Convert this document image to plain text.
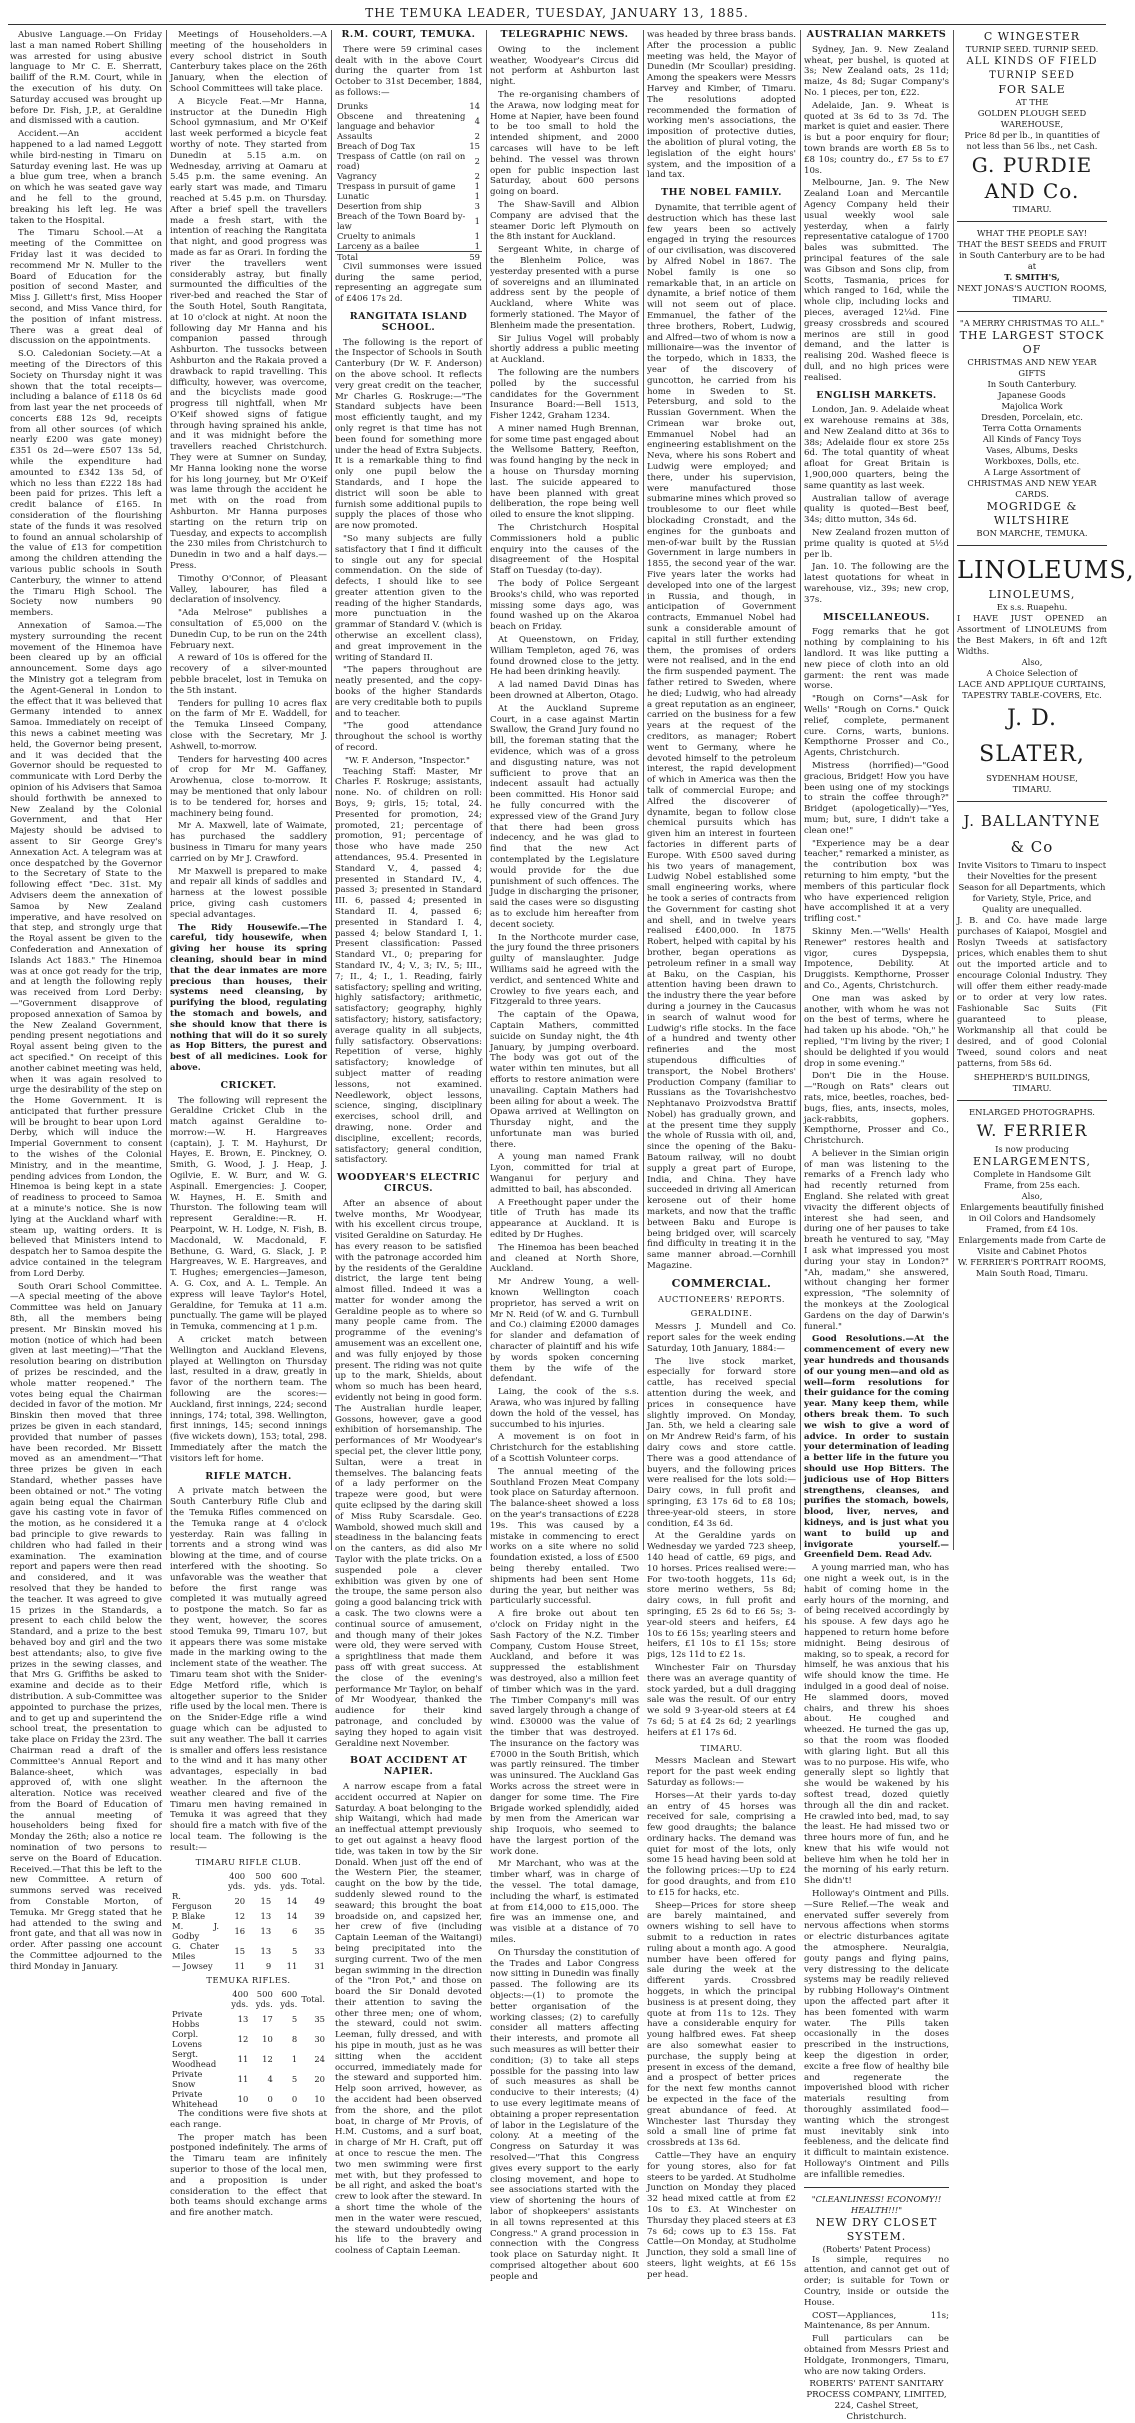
THE TEMUKA LEADER, TUESDAY, JANUARY 13, 1885.

Abusive Language.—On Friday last a man named Robert Shilling was arrested for using abusive language to Mr C. E. Sherratt, bailiff of the R.M. Court, while in the execution of his duty. On Saturday accused was brought up before Dr. Fish, J.P., at Geraldine and dismissed with a caution.

Accident.—An accident happened to a lad named Leggott while bird-nesting in Timaru on Saturday evening last. He was up a blue gum tree, when a branch on which he was seated gave way and he fell to the ground, breaking his left leg. He was taken to the Hospital.

The Timaru School.—At a meeting of the Committee on Friday last it was decided to recommend Mr N. Muller to the Board of Education for the position of second Master, and Miss J. Gillett's first, Miss Hooper second, and Miss Vance third, for the position of infant mistress. There was a great deal of discussion on the appointments.

S.O. Caledonian Society.—At a meeting of the Directors of this Society on Thursday night it was shown that the total receipts—including a balance of £118 0s 6d from last year the net proceeds of concerts £88 12s 9d, receipts from all other sources (of which nearly £200 was gate money) £351 0s 2d—were £507 13s 5d, while the expenditure had amounted to £342 13s 5d, of which no less than £222 18s had been paid for prizes. This left a credit balance of £165. In consideration of the flourishing state of the funds it was resolved to found an annual scholarship of the value of £13 for competition among the children attending the various public schools in South Canterbury, the winner to attend the Timaru High School. The Society now numbers 90 members.

Annexation of Samoa.—The mystery surrounding the recent movement of the Hinemoa have been cleared up by an official announcement. Some days ago the Ministry got a telegram from the Agent-General in London to the effect that it was believed that Germany intended to annex Samoa. Immediately on receipt of this news a cabinet meeting was held, the Governor being present, and it was decided that the Governor should be requested to communicate with Lord Derby the opinion of his Advisers that Samoa should forthwith be annexed to New Zealand by the Colonial Government, and that Her Majesty should be advised to assent to Sir George Grey's Annexation Act. A telegram was at once despatched by the Governor to the Secretary of State to the following effect "Dec. 31st. My Advisers deem the annexation of Samoa by New Zealand imperative, and have resolved on that step, and strongly urge that the Royal assent be given to the Confederation and Annexation of Islands Act 1883." The Hinemoa was at once got ready for the trip, and at length the following reply was received from Lord Derby:—"Government disapprove of proposed annexation of Samoa by the New Zealand Government, pending present negotiations and Royal assent being given to the act specified." On receipt of this another cabinet meeting was held, when it was again resolved to urge the desirability of the step on the Home Government. It is anticipated that further pressure will be brought to bear upon Lord Derby, which will induce the Imperial Government to consent to the wishes of the Colonial Ministry, and in the meantime, pending advices from London, the Hinemoa is being kept in a state of readiness to proceed to Samoa at a minute's notice. She is now lying at the Auckland wharf with steam up, waiting orders. It is believed that Ministers intend to despatch her to Samoa despite the advice contained in the telegram from Lord Derby.

South Orari School Committee.—A special meeting of the above Committee was held on January 8th, all the members being present. Mr Binskin moved his motion (notice of which had been given at last meeting)—"That the resolution bearing on distribution of prizes be rescinded, and the whole matter reopened." The votes being equal the Chairman decided in favor of the motion. Mr Binskin then moved that three prizes be given in each standard, provided that number of passes have been recorded. Mr Bissett moved as an amendment—"That three prizes be given in each Standard, whether passes have been obtained or not." The voting again being equal the Chairman gave his casting vote in favor of the motion, as he considered it a bad principle to give rewards to children who had failed in their examination. The examination report and papers were then read and considered, and it was resolved that they be handed to the teacher. It was agreed to give 15 prizes in the Standards, a present to each child below the Standard, and a prize to the best behaved boy and girl and the two best attendants; also, to give five prizes in the sewing classes, and that Mrs G. Griffiths be asked to examine and decide as to their distribution. A sub-Committee was appointed to purchase the prizes, and to get up and superintend the school treat, the presentation to take place on Friday the 23rd. The Chairman read a draft of the Committee's Annual Report and Balance-sheet, which was approved of, with one slight alteration. Notice was received from the Board of Education of the annual meeting of householders being fixed for Monday the 26th; also a notice re nomination of two persons to serve on the Board of Education. Received.—That this be left to the new Committee. A return of summons served was received from Constable Morton, of Temuka. Mr Gregg stated that he had attended to the swing and front gate, and that all was now in order. After passing one account the Committee adjourned to the third Monday in January.

Meetings of Householders.—A meeting of the householders in every school district in South Canterbury takes place on the 26th January, when the election of School Committees will take place.

A Bicycle Feat.—Mr Hanna, instructor at the Dunedin High School gymnasium, and Mr O'Keif last week performed a bicycle feat worthy of note. They started from Dunedin at 5.15 a.m. on Wednesday, arriving at Oamaru at 5.45 p.m. the same evening. An early start was made, and Timaru reached at 5.45 p.m. on Thursday. After a brief spell the travellers made a fresh start, with the intention of reaching the Rangitata that night, and good progress was made as far as Orari. In fording the river the travellers went considerably astray, but finally surmounted the difficulties of the river-bed and reached the Star of the South Hotel, South Rangitata, at 10 o'clock at night. At noon the following day Mr Hanna and his companion passed through Ashburton. The tussocks between Ashburton and the Rakaia proved a drawback to rapid travelling. This difficulty, however, was overcome, and the bicyclists made good progress till nightfall, when Mr O'Keif showed signs of fatigue through having sprained his ankle, and it was midnight before the travellers reached Christchurch. They were at Sumner on Sunday, Mr Hanna looking none the worse for his long journey, but Mr O'Keif was lame through the accident he met with on the road from Ashburton. Mr Hanna purposes starting on the return trip on Tuesday, and expects to accomplish the 230 miles from Christchurch to Dunedin in two and a half days.—Press.

Timothy O'Connor, of Pleasant Valley, labourer, has filed a declaration of insolvency.

"Ada Melrose" publishes a consultation of £5,000 on the Dunedin Cup, to be run on the 24th February next.

A reward of 10s is offered for the recovery of a silver-mounted pebble bracelet, lost in Temuka on the 5th instant.

Tenders for pulling 10 acres flax on the farm of Mr E. Waddell, for the Temuka Linseed Company, close with the Secretary, Mr J. Ashwell, to-morrow.

Tenders for harvesting 400 acres of crop for Mr M. Gaffaney, Arowhenua, close to-morrow. It may be mentioned that only labour is to be tendered for, horses and machinery being found.

Mr A. Maxwell, late of Waimate, has purchased the saddlery business in Timaru for many years carried on by Mr J. Crawford.

Mr Maxwell is prepared to make and repair all kinds of saddles and harness at the lowest possible price, giving cash customers special advantages.

The Ridy Housewife.—The careful, tidy housewife, when giving her house its spring cleaning, should bear in mind that the dear inmates are more precious than houses, their systems need cleansing, by purifying the blood, regulating the stomach and bowels, and she should know that there is nothing that will do it so surely as Hop Bitters, the purest and best of all medicines. Look for above.

CRICKET.

The following will represent the Geraldine Cricket Club in the match against Geraldine to-morrow:—W. H. Hargreaves (captain), J. T. M. Hayhurst, Dr Hayes, E. Brown, E. Pinckney, O. Smith, G. Wood, J. J. Heap, J. Ogilvie, E. W. Burr, and W. G. Aspinall. Emergencies: J. Cooper, W. Haynes, H. E. Smith and Thurston. The following team will represent Geraldine:—R. H. Pearpoint, W. H. Lodge, N. Fish, B. Macdonald, W. Macdonald, F. Bethune, G. Ward, G. Slack, J. P. Hargreaves, W. E. Hargreaves, and T. Hughes; emergencies—Jameson, A. G. Cox, and A. L. Temple. An express will leave Taylor's Hotel, Geraldine, for Temuka at 11 a.m. punctually. The game will be played in Temuka, commencing at 1 p.m.

A cricket match between Wellington and Auckland Elevens, played at Wellington on Thursday last, resulted in a draw, greatly in favor of the northern team. The following are the scores:—Auckland, first innings, 224; second innings, 174; total, 398. Wellington, first innings, 145; second innings (five wickets down), 153; total, 298. Immediately after the match the visitors left for home.

RIFLE MATCH.

A private match between the South Canterbury Rifle Club and the Temuka Rifles commenced on the Temuka range at 4 o'clock yesterday. Rain was falling in torrents and a strong wind was blowing at the time, and of course interfered with the shooting. So unfavorable was the weather that before the first range was completed it was mutually agreed to postpone the match. So far as they went, however, the scores stood Temuka 99, Timaru 107, but it appears there was some mistake made in the marking owing to the inclement state of the weather. The Timaru team shot with the Snider-Edge Metford rifle, which is altogether superior to the Snider rifle used by the local men. There is on the Snider-Edge rifle a wind guage which can be adjusted to suit any weather. The ball it carries is smaller and offers less resistance to the wind and it has many other advantages, especially in bad weather. In the afternoon the weather cleared and five of the Timaru men having remained in Temuka it was agreed that they should fire a match with five of the local team. The following is the result:—

TIMARU RIFLE CLUB.
	400 yds.	500 yds.	600 yds.	Total.
R. Ferguson	20	15	14	49
P. Blake	12	13	14	39
M. J. Godby	16	13	6	35
G. Chater Miles	15	13	5	33
— Jowsey	11	9	11	31
TEMUKA RIFLES.
	400 yds.	500 yds.	600 yds.	Total.
Private Hobbs	13	17	5	35
Corpl. Lovens	12	10	8	30
Sergt. Woodhead	11	12	1	24
Private Snow	11	4	5	20
Private Whitehead	10	0	0	10

The conditions were five shots at each range.

The proper match has been postponed indefinitely. The arms of the Timaru team are infinitely superior to those of the local men, and a proposition is under consideration to the effect that both teams should exchange arms and fire another match.

R.M. COURT, TEMUKA.

There were 59 criminal cases dealt with in the above Court during the quarter from 1st October to 31st December, 1884, as follows:—

Drunks	14
Obscene and threatening language and behavior	4
Assaults	2
Breach of Dog Tax	15
Trespass of Cattle (on rail on road)	2
Vagrancy	2
Trespass in pursuit of game	1
Lunatic	1
Desertion from ship	3
Breach of the Town Board by-law	1
Cruelty to animals	1
Larceny as a bailee	1
Total	59

Civil summonses were issued during the same period, representing an aggregate sum of £406 17s 2d.

RANGITATA ISLAND SCHOOL.

The following is the report of the Inspector of Schools in South Canterbury (Dr W. F. Anderson) on the above school. It reflects very great credit on the teacher, Mr Charles G. Roskruge:—"The Standard subjects have been most efficiently taught, and my only regret is that time has not been found for something more under the head of Extra Subjects. It is a remarkable thing to find only one pupil below the Standards, and I hope the district will soon be able to furnish some additional pupils to supply the places of those who are now promoted.

"So many subjects are fully satisfactory that I find it difficult to single out any for special commendation. On the side of defects, I should like to see greater attention given to the reading of the higher Standards, more punctuation in the grammar of Standard V. (which is otherwise an excellent class), and great improvement in the writing of Standard II.

"The papers throughout are neatly presented, and the copy-books of the higher Standards are very creditable both to pupils and to teacher.

"The good attendance throughout the school is worthy of record.

"W. F. Anderson, "Inspector."

Teaching Staff: Master, Mr Charles F. Roskruge; assistants, none. No. of children on roll: Boys, 9; girls, 15; total, 24. Presented for promotion, 24; promoted, 21; percentage of promotion, 91; percentage of those who have made 250 attendances, 95.4. Presented in Standard V., 4, passed 4; presented in Standard IV., 4, passed 3; presented in Standard III. 6, passed 4; presented in Standard II. 4, passed 6; presented in Standard I. 4, passed 4; below Standard I, 1. Present classification: Passed Standard VI., 0; preparing for Standard IV., 4; V., 3; IV., 5; III., 7; II., 4; I., 1. Reading, fairly satisfactory; spelling and writing, highly satisfactory; arithmetic, satisfactory; geography, highly satisfactory; history, satisfactory; average quality in all subjects, fully satisfactory. Observations: Repetition of verse, highly satisfactory; knowledge of subject matter of reading lessons, not examined. Needlework, object lessons, science, singing, disciplinary exercises, school drill, and drawing, none. Order and discipline, excellent; records, satisfactory; general condition, satisfactory.

WOODYEAR'S ELECTRIC CIRCUS.

After an absence of about twelve months, Mr Woodyear, with his excellent circus troupe, visited Geraldine on Saturday. He has every reason to be satisfied with the patronage accorded him by the residents of the Geraldine district, the large tent being almost filled. Indeed it was a matter for wonder among the Geraldine people as to where so many people came from. The programme of the evening's amusement was an excellent one, and was fully enjoyed by those present. The riding was not quite up to the mark, Shields, about whom so much has been heard, evidently not being in good form. The Australian hurdle leaper, Gossons, however, gave a good exhibition of horsemanship. The performances of Mr Woodyear's special pet, the clever little pony, Sultan, were a treat in themselves. The balancing feats of a lady performer on the trapeze were good, but were quite eclipsed by the daring skill of Miss Ruby Scarsdale. Geo. Wambold, showed much skill and steadiness in the balancing feats on the canters, as did also Mr Taylor with the plate tricks. On a suspended pole a clever exhibition was given by one of the troupe, the same person also going a good balancing trick with a cask. The two clowns were a continual source of amusement, and though many of their jokes were old, they were served with a sprightliness that made them pass off with great success. At the close of the evening's performance Mr Taylor, on behalf of Mr Woodyear, thanked the audience for their kind patronage, and concluded by saying they hoped to again visit Geraldine next November.

BOAT ACCIDENT AT NAPIER.

A narrow escape from a fatal accident occurred at Napier on Saturday. A boat belonging to the ship Waitangi, which had made an ineffectual attempt previously to get out against a heavy flood tide, was taken in tow by the Sir Donald. When just off the end of the Western Pier, the steamer, caught on the bow by the tide, suddenly slewed round to the seaward; this brought the boat broadside on, and capsized her, her crew of five (including Captain Leeman of the Waitangi) being precipitated into the surging current. Two of the men began swimming in the direction of the "Iron Pot," and those on board the Sir Donald devoted their attention to saving the other three men; one of whom, the steward, could not swim. Leeman, fully dressed, and with his pipe in mouth, just as he was sitting when the accident occurred, immediately made for the steward and supported him. Help soon arrived, however, as the accident had been observed from the shore, and the pilot boat, in charge of Mr Provis, of H.M. Customs, and a surf boat, in charge of Mr H. Craft, put off at once to rescue the men. The two men swimming were first met with, but they professed to be all right, and asked the boat's crew to look after the steward. In a short time the whole of the men in the water were rescued, the steward undoubtedly owing his life to the bravery and coolness of Captain Leeman.

TELEGRAPHIC NEWS.

Owing to the inclement weather, Woodyear's Circus did not perform at Ashburton last night.

The re-organising chambers of the Arawa, now lodging meat for Home at Napier, have been found to be too small to hold the intended shipment, and 2000 carcases will have to be left behind. The vessel was thrown open for public inspection last Saturday, about 600 persons going on board.

The Shaw-Savill and Albion Company are advised that the steamer Doric left Plymouth on the 8th instant for Auckland.

Sergeant White, in charge of the Blenheim Police, was yesterday presented with a purse of sovereigns and an illuminated address sent by the people of Auckland, where White was formerly stationed. The Mayor of Blenheim made the presentation.

Sir Julius Vogel will probably shortly address a public meeting at Auckland.

The following are the numbers polled by the successful candidates for the Government Insurance Board:—Bell 1513, Fisher 1242, Graham 1234.

A miner named Hugh Brennan, for some time past engaged about the Wellsome Battery, Reefton, was found hanging by the neck in a house on Thursday morning last. The suicide appeared to have been planned with great deliberation, the rope being well oiled to ensure the knot slipping.

The Christchurch Hospital Commissioners hold a public enquiry into the causes of the disagreement of the Hospital Staff on Tuesday (to-day).

The body of Police Sergeant Brooks's child, who was reported missing some days ago, was found washed up on the Akaroa beach on Friday.

At Queenstown, on Friday, William Templeton, aged 76, was found drowned close to the jetty. He had been drinking heavily.

A lad named David Dinas has been drowned at Alberton, Otago.

At the Auckland Supreme Court, in a case against Martin Swallow, the Grand Jury found no bill, the foreman stating that the evidence, which was of a gross and disgusting nature, was not sufficient to prove that an indecent assault had actually been committed. His Honor said he fully concurred with the expressed view of the Grand Jury that there had been gross indecency, and he was glad to find that the new Act contemplated by the Legislature would provide for the due punishment of such offences. The Judge in discharging the prisoner, said the cases were so disgusting as to exclude him hereafter from decent society.

In the Northcote murder case, the jury found the three prisoners guilty of manslaughter. Judge Williams said he agreed with the verdict, and sentenced White and Crowley to five years each, and Fitzgerald to three years.

The captain of the Opawa, Captain Mathers, committed suicide on Sunday night, the 4th January, by jumping overboard. The body was got out of the water within ten minutes, but all efforts to restore animation were unavailing. Captain Mathers had been ailing for about a week. The Opawa arrived at Wellington on Thursday night, and the unfortunate man was buried there.

A young man named Frank Lyon, committed for trial at Wanganui for perjury and admitted to bail, has absconded.

A Freethought paper under the title of Truth has made its appearance at Auckland. It is edited by Dr Hughes.

The Hinemoa has been beached and cleaned at North Shore, Auckland.

Mr Andrew Young, a well-known Wellington coach proprietor, has served a writ on Mr N. Reid (of W. and G. Turnbull and Co.) claiming £2000 damages for slander and defamation of character of plaintiff and his wife by words spoken concerning them by the wife of the defendant.

Laing, the cook of the s.s. Arawa, who was injured by falling down the hold of the vessel, has succumbed to his injuries.

A movement is on foot in Christchurch for the establishing of a Scottish Volunteer corps.

The annual meeting of the Southland Frozen Meat Company took place on Saturday afternoon. The balance-sheet showed a loss on the year's transactions of £228 19s. This was caused by a mistake in commencing to erect works on a site where no solid foundation existed, a loss of £500 being thereby entailed. Two shipments had been sent Home during the year, but neither was particularly successful.

A fire broke out about ten o'clock on Friday night in the Sash Factory of the N.Z. Timber Company, Custom House Street, Auckland, and before it was suppressed the establishment was destroyed, also a million feet of timber which was in the yard. The Timber Company's mill was saved largely through a change of wind. £30000 was the value of the timber that was destroyed. The insurance on the factory was £7000 in the South British, which was partly reinsured. The timber was uninsured. The Auckland Gas Works across the street were in danger for some time. The Fire Brigade worked splendidly, aided by men from the American war ship Iroquois, who seemed to have the largest portion of the work done.

Mr Marchant, who was at the timber wharf, was in charge of the vessel. The total damage, including the wharf, is estimated at from £14,000 to £15,000. The fire was an immense one, and was visible at a distance of 70 miles.

On Thursday the constitution of the Trades and Labor Congress now sitting in Dunedin was finally passed. The following are its objects:—(1) to promote the better organisation of the working classes; (2) to carefully consider all matters affecting their interests, and promote all such measures as will better their condition; (3) to take all steps possible for the passing into law of such measures as shall be conducive to their interests; (4) to use every legitimate means of obtaining a proper representation of labor in the Legislature of the colony. At a meeting of the Congress on Saturday it was resolved—"That this Congress gives every support to the early closing movement, and hope to see associations started with the view of shortening the hours of labor of shopkeepers' assistants in all towns represented at this Congress." A grand procession in connection with the Congress took place on Saturday night. It comprised altogether about 600 people and

was headed by three brass bands. After the procession a public meeting was held, the Mayor of Dunedin (Mr Scoullar) presiding. Among the speakers were Messrs Harvey and Kimber, of Timaru. The resolutions adopted recommended the formation of working men's associations, the imposition of protective duties, the abolition of plural voting, the legislation of the eight hours' system, and the imposition of a land tax.

THE NOBEL FAMILY.

Dynamite, that terrible agent of destruction which has these last few years been so actively engaged in trying the resources of our civilisation, was discovered by Alfred Nobel in 1867. The Nobel family is one so remarkable that, in an article on dynamite, a brief notice of them will not seem out of place. Emmanuel, the father of the three brothers, Robert, Ludwig, and Alfred—two of whom is now a millionaire—was the inventor of the torpedo, which in 1833, the year of the discovery of guncotton, he carried from his home in Sweden to St. Petersburg, and sold to the Russian Government. When the Crimean war broke out, Emmanuel Nobel had an engineering establishment on the Neva, where his sons Robert and Ludwig were employed; and there, under his supervision, were manufactured those submarine mines which proved so troublesome to our fleet while blockading Cronstadt, and the engines for the gunboats and men-of-war built by the Russian Government in large numbers in 1855, the second year of the war. Five years later the works had developed into one of the largest in Russia, and though, in anticipation of Government contracts, Emmanuel Nobel had sunk a considerable amount of capital in still further extending them, the promises of orders were not realised, and in the end the firm suspended payment. The father retired to Sweden, where he died; Ludwig, who had already a great reputation as an engineer, carried on the business for a few years at the request of the creditors, as manager; Robert went to Germany, where he devoted himself to the petroleum interest, the rapid development of which in America was then the talk of commercial Europe; and Alfred the discoverer of dynamite, began to follow close chemical pursuits which has given him an interest in fourteen factories in different parts of Europe. With £500 saved during his two years of management, Ludwig Nobel established some small engineering works, where he took a series of contracts from the Government for casting shot and shell, and in twelve years realised £400,000. In 1875 Robert, helped with capital by his brother, began operations as petroleum refiner in a small way at Baku, on the Caspian, his attention having been drawn to the industry there the year before during a journey in the Caucasus in search of walnut wood for Ludwig's rifle stocks. In the face of a hundred and twenty other refineries and the most stupendous difficulties of transport, the Nobel Brothers' Production Company (familiar to Russians as the Tovarishchestvo Nephtanavo Proizvodstva Brattif Nobel) has gradually grown, and at the present time they supply the whole of Russia with oil, and, since the opening of the Baku-Batoum railway, will no doubt supply a great part of Europe, India, and China. They have succeeded in driving all American kerosene out of their home markets, and now that the traffic between Baku and Europe is being bridged over, will scarcely find difficulty in treating it in the same manner abroad.—Cornhill Magazine.

COMMERCIAL.
AUCTIONEERS' REPORTS.
GERALDINE.

Messrs J. Mundell and Co. report sales for the week ending Saturday, 10th January, 1884:—

The live stock market, especially for forward store cattle, has received special attention during the week, and prices in consequence have slightly improved. On Monday, Jan. 5th, we held a clearing sale on Mr Andrew Reid's farm, of his dairy cows and store cattle. There was a good attendance of buyers, and the following prices were realised for the lots sold:—Dairy cows, in full profit and springing, £3 17s 6d to £8 10s; three-year-old steers, in store condition, £4 3s 6d.

At the Geraldine yards on Wednesday we yarded 723 sheep, 140 head of cattle, 69 pigs, and 10 horses. Prices realised were:—For two-tooth hoggets, 11s 6d; store merino wethers, 5s 8d; dairy cows, in full profit and springing, £5 2s 6d to £6 5s; 3-year-old steers and heifers, £4 10s to £6 15s; yearling steers and heifers, £1 10s to £1 15s; store pigs, 12s 11d to £2 1s.

Winchester Fair on Thursday there was an average quantity of stock yarded, but a dull dragging sale was the result. Of our entry we sold 9 3-year-old steers at £4 7s 6d; 5 at £4 2s 6d; 2 yearlings heifers at £1 17s 6d.

TIMARU.

Messrs Maclean and Stewart report for the past week ending Saturday as follows:—

Horses—At their yards to-day an entry of 45 horses was received for sale, comprising a few good draughts; the balance ordinary hacks. The demand was quiet for most of the lots, only some 15 head having been sold at the following prices:—Up to £24 for good draughts, and from £10 to £15 for hacks, etc.

Sheep—Prices for store sheep are barely maintained, and owners wishing to sell have to submit to a reduction in rates ruling about a month ago. A good number have been offered for sale during the week at the different yards. Crossbred hoggets, in which the principal business is at present doing, they quote at from 11s to 12s. They have a considerable enquiry for young halfbred ewes. Fat sheep are also somewhat easier to purchase, the supply being at present in excess of the demand, and a prospect of better prices for the next few months cannot be expected in the face of the great abundance of feed. At Winchester last Thursday they sold a small line of prime fat crossbreds at 13s 6d.

Cattle—They have an enquiry for young stores, also for fat steers to be yarded. At Studholme Junction on Monday they placed 32 head mixed cattle at from £2 10s to £3. At Winchester on Thursday they placed steers at £3 7s 6d; cows up to £3 15s. Fat Cattle—On Monday, at Studholme Junction, they sold a small line of steers, light weights, at £6 15s per head.

AUSTRALIAN MARKETS

Sydney, Jan. 9. New Zealand wheat, per bushel, is quoted at 3s; New Zealand oats, 2s 11d; maize, 4s 8d; Sugar Company's No. 1 pieces, per ton, £22.

Adelaide, Jan. 9. Wheat is quoted at 3s 6d to 3s 7d. The market is quiet and easier. There is but a poor enquiry for flour; town brands are worth £8 5s to £8 10s; country do., £7 5s to £7 10s.

Melbourne, Jan. 9. The New Zealand Loan and Mercantile Agency Company held their usual weekly wool sale yesterday, when a fairly representative catalogue of 1700 bales was submitted. The principal features of the sale was Gibson and Sons clip, from Scotts, Tasmania, prices for which ranged to 16d, while the whole clip, including locks and pieces, averaged 12¼d. Fine greasy crossbreds and scoured merinos are still in good demand, and the latter is realising 20d. Washed fleece is dull, and no high prices were realised.

ENGLISH MARKETS.

London, Jan. 9. Adelaide wheat ex warehouse remains at 38s, and New Zealand ditto at 36s to 38s; Adelaide flour ex store 25s 6d. The total quantity of wheat afloat for Great Britain is 1,900,000 quarters, being the same quantity as last week.

Australian tallow of average quality is quoted—Best beef, 34s; ditto mutton, 34s 6d.

New Zealand frozen mutton of prime quality is quoted at 5½d per lb.

Jan. 10. The following are the latest quotations for wheat in warehouse, viz., 39s; new crop, 37s.

MISCELLANEOUS.

Fogg remarks that he got nothing by complaining to his landlord. It was like putting a new piece of cloth into an old garment: the rent was made worse.

"Rough on Corns"—Ask for Wells' "Rough on Corns." Quick relief, complete, permanent cure. Corns, warts, bunions. Kempthorne Prosser and Co., Agents, Christchurch.

Mistress (horrified)—"Good gracious, Bridget! How you have been using one of my stockings to strain the coffee through?" Bridget (apologetically)—"Yes, mum; but, sure, I didn't take a clean one!"

"Experience may be a dear teacher," remarked a minister, as the contribution box was returning to him empty, "but the members of this particular flock who have experienced religion have accomplished it at a very trifling cost."

Skinny Men.—"Wells' Health Renewer" restores health and vigor, cures Dyspepsia, Impotence, Debility. At Druggists. Kempthorne, Prosser and Co., Agents, Christchurch.

One man was asked by another, with whom he was not on the best of terms, where he had taken up his abode. "Oh," he replied, "I'm living by the river; I should be delighted if you would drop in some evening."

Don't Die in the House.—"Rough on Rats" clears out rats, mice, beetles, roaches, bed-bugs, flies, ants, insects, moles, jack-rabbits, gophers. Kempthorne, Prosser and Co., Christchurch.

A believer in the Simian origin of man was listening to the remarks of a French lady who had recently returned from England. She related with great vivacity the different objects of interest she had seen, and during one of her pauses to take breath he ventured to say, "May I ask what impressed you most during your stay in London?" "Ah, madam," she answered, without changing her former expression, "The solemnity of the monkeys at the Zoological Gardens on the day of Darwin's funeral."

Good Resolutions.—At the commencement of every new year hundreds and thousands of our young men—and old as well—form resolutions for their guidance for the coming year. Many keep them, while others break them. To such we wish to give a word of advice. In order to sustain your determination of leading a better life in the future you should use Hop Bitters. The judicious use of Hop Bitters strengthens, cleanses, and purifies the stomach, bowels, blood, liver, nerves, and kidneys, and is just what you want to build up and invigorate yourself.—Greenfield Dem. Read Adv.

A young married man, who has one night a week out, is in the habit of coming home in the early hours of the morning, and of being received accordingly by his spouse. A few days ago he happened to return home before midnight. Being desirous of making, so to speak, a record for himself, he was anxious that his wife should know the time. He indulged in a good deal of noise. He slammed doors, moved chairs, and threw his shoes about. He coughed and wheezed. He turned the gas up, so that the room was flooded with glaring light. But all this was to no purpose. His wife, who generally slept so lightly that she would be wakened by his softest tread, dozed quietly through all the din and racket. He crawled into bed, mad, to say the least. He had missed two or three hours more of fun, and he knew that his wife would not believe him when he told her in the morning of his early return. She didn't!

Holloway's Ointment and Pills.—Sure Relief.—The weak and enervated suffer severely from nervous affections when storms or electric disturbances agitate the atmosphere. Neuralgia, gouty pangs and flying pains, very distressing to the delicate systems may be readily relieved by rubbing Holloway's Ointment upon the affected part after it has been fomented with warm water. The Pills taken occasionally in the doses prescribed in the instructions, keep the digestion in order, excite a free flow of healthy bile and regenerate the impoverished blood with richer materials resulting from thoroughly assimilated food—wanting which the strongest must inevitably sink into feebleness, and the delicate find it difficult to maintain existence. Holloway's Ointment and Pills are infallible remedies.

"CLEANLINESS! ECONOMY!! HEALTH!!!"
NEW DRY CLOSET SYSTEM.
(Roberts' Patent Process)

Is simple, requires no attention, and cannot get out of order; is suitable for Town or Country, inside or outside the House.

COST—Appliances, 11s; Maintenance, 8s per Annum.

Full particulars can be obtained from Messrs Priest and Holdgate, Ironmongers, Timaru, who are now taking Orders.

ROBERTS' PATENT SANITARY PROCESS COMPANY, LIMITED, 224, Cashel Street, Christchurch.

C WINGESTER
TURNIP SEED. TURNIP SEED.
ALL KINDS OF FIELD TURNIP SEED
FOR SALE
AT THE
GOLDEN PLOUGH SEED WAREHOUSE,
Price 8d per lb., in quantities of not less than 56 lbs., net Cash.
G. PURDIE AND Co.
TIMARU.
WHAT THE PEOPLE SAY!
THAT the BEST SEEDS and FRUIT in South Canterbury are to be had at
T. SMITH'S,
NEXT JONAS'S AUCTION ROOMS, TIMARU.
"A MERRY CHRISTMAS TO ALL."
THE LARGEST STOCK OF
CHRISTMAS AND NEW YEAR GIFTS
In South Canterbury.
Japanese Goods
Majolica Work
Dresden, Porcelain, etc.
Terra Cotta Ornaments
All Kinds of Fancy Toys
Vases, Albums, Desks
Workboxes, Dolls, etc.
A Large Assortment of CHRISTMAS AND NEW YEAR CARDS.
MOGRIDGE & WILTSHIRE
BON MARCHE, TEMUKA.
LINOLEUMS,
LINOLEUMS,
Ex s.s. Ruapehu.
I HAVE JUST OPENED an Assortment of LINOLEUMS from the Best Makers, in 6ft and 12ft Widths.
Also,
A Choice Selection of
LACE AND APPLIQUE CURTAINS,
TAPESTRY TABLE-COVERS, Etc.
J. D. SLATER,
SYDENHAM HOUSE,
TIMARU.
J. BALLANTYNE & Co
Invite Visitors to Timaru to inspect their Novelties for the present Season for all Departments, which for Variety, Style, Price, and Quality are unequalled.
J. B. and Co. have made large purchases of Kaiapoi, Mosgiel and Roslyn Tweeds at satisfactory prices, which enables them to shut out the imported article and to encourage Colonial Industry. They will offer them either ready-made or to order at very low rates. Fashionable Sac Suits (Fit guaranteed to please, Workmanship all that could be desired, and of good Colonial Tweed, sound colors and neat patterns, from 58s 6d.
SHEPHERD'S BUILDINGS, TIMARU.
ENLARGED PHOTOGRAPHS.
W. FERRIER
Is now producing
ENLARGEMENTS,
Complete in Handsome Gilt Frame, from 25s each.
Also,
Enlargements beautifully finished in Oil Colors and Handsomely Framed, from £4 10s.
Enlargements made from Carte de Visite and Cabinet Photos
W. FERRIER'S PORTRAIT ROOMS, Main South Road, Timaru.
